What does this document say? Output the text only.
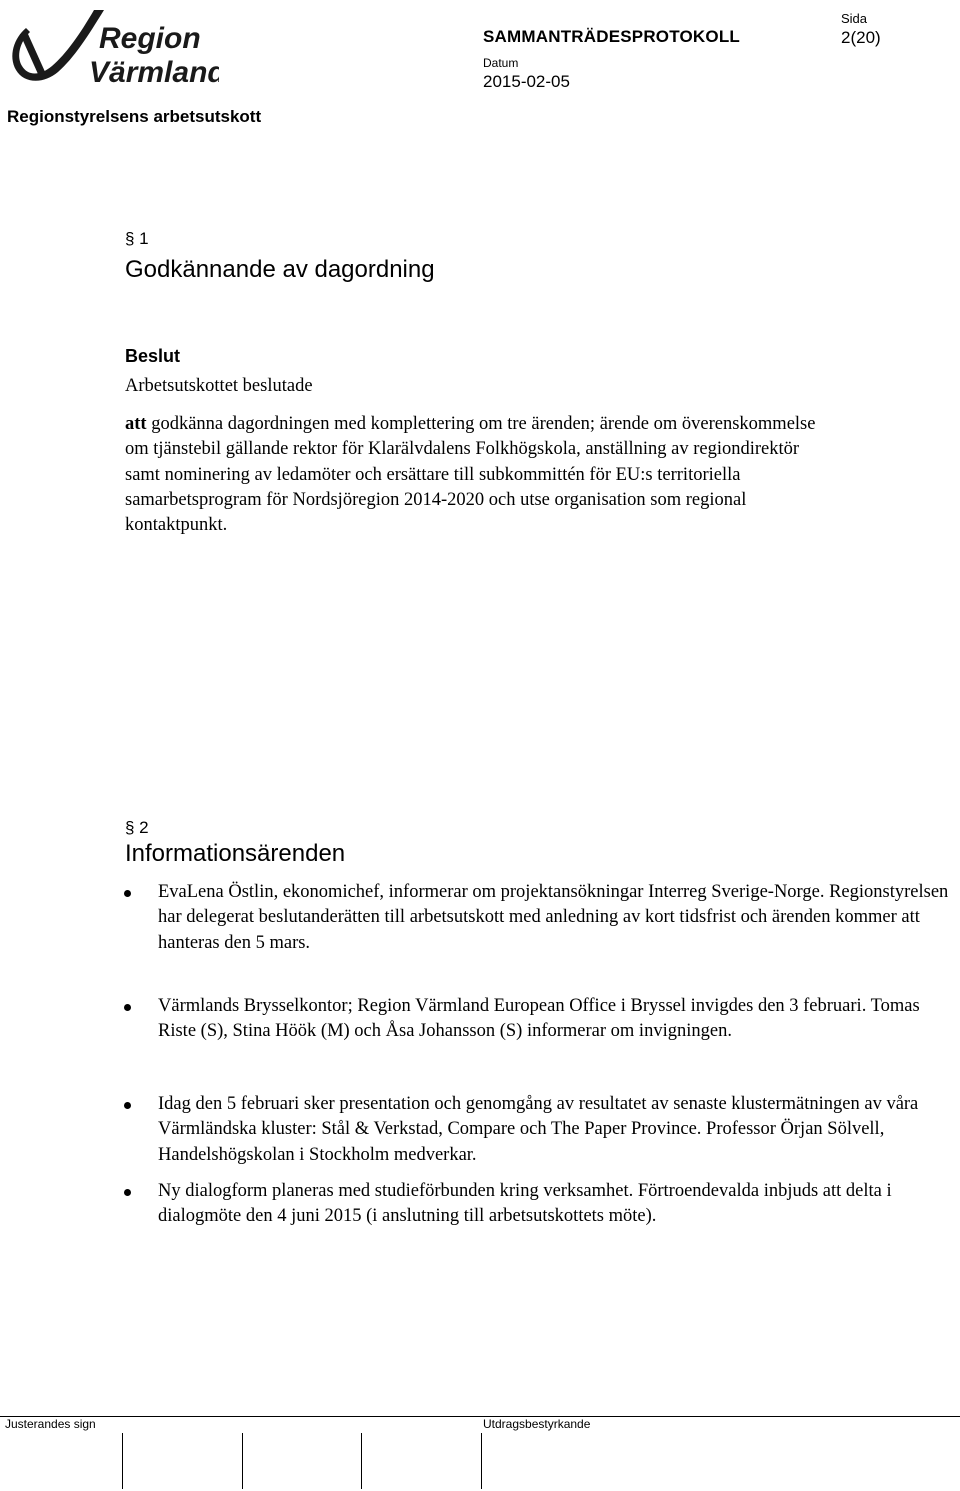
Region
Värmland
SAMMANTRÄDESPROTOKOLL
Sida
2(20)
Datum
2015-02-05
Regionstyrelsens arbetsutskott
§ 1
Godkännande av dagordning
Beslut
Arbetsutskottet beslutade
att godkänna dagordningen med komplettering om tre ärenden; ärende om överenskommelse om tjänstebil gällande rektor för Klarälvdalens Folkhögskola, anställning av regiondirektör samt nominering av ledamöter och ersättare till subkommittén för EU:s territoriella samarbetsprogram för Nordsjöregion 2014-2020 och utse organisation som regional kontaktpunkt.
§ 2
Informationsärenden
EvaLena Östlin, ekonomichef, informerar om projektansökningar Interreg Sverige-Norge. Regionstyrelsen har delegerat beslutanderätten till arbetsutskott med anledning av kort tidsfrist och ärenden kommer att hanteras den 5 mars.
Värmlands Brysselkontor; Region Värmland European Office i Bryssel invigdes den 3 februari. Tomas Riste (S), Stina Höök (M) och Åsa Johansson (S) informerar om invigningen.
Idag den 5 februari sker presentation och genomgång av resultatet av senaste klustermätningen av våra Värmländska kluster: Stål & Verkstad, Compare och The Paper Province. Professor Örjan Sölvell, Handelshögskolan i Stockholm medverkar.
Ny dialogform planeras med studieförbunden kring verksamhet. Förtroendevalda inbjuds att delta i dialogmöte den 4 juni 2015 (i anslutning till arbetsutskottets möte).
Justerandes sign	Utdragsbestyrkande
